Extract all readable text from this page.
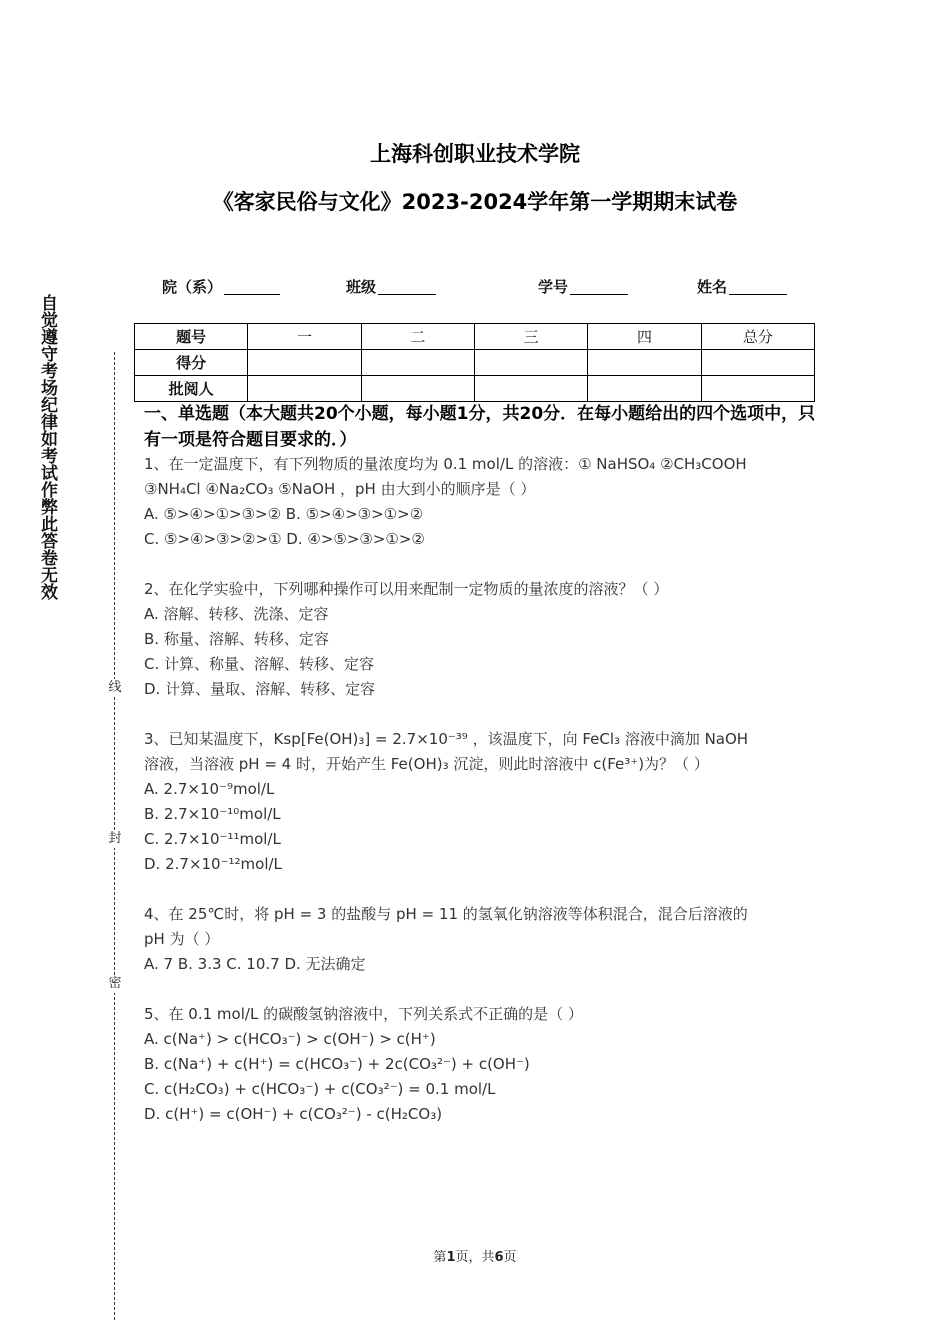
上海科创职业技术学院
《客家民俗与文化》2023-2024学年第一学期期末试卷
院（系）	班级	学号	姓名
题号	一	二	三	四	总分
得分					
批阅人					
一、单选题（本大题共20个小题，每小题1分，共20分．在每小题给出的四个选项中，只有一项是符合题目要求的．）

1、在一定温度下，有下列物质的量浓度均为 0.1 mol/L 的溶液：① NaHSO₄ ②CH₃COOH

③NH₄Cl ④Na₂CO₃ ⑤NaOH ，pH 由大到小的顺序是（ ）

A. ⑤>④>①>③>② B. ⑤>④>③>①>②

C. ⑤>④>③>②>① D. ④>⑤>③>①>②

2、在化学实验中，下列哪种操作可以用来配制一定物质的量浓度的溶液？（ ）

A. 溶解、转移、洗涤、定容

B. 称量、溶解、转移、定容

C. 计算、称量、溶解、转移、定容

D. 计算、量取、溶解、转移、定容

3、已知某温度下，Ksp[Fe(OH)₃] = 2.7×10⁻³⁹ ，该温度下，向 FeCl₃ 溶液中滴加 NaOH

溶液，当溶液 pH = 4 时，开始产生 Fe(OH)₃ 沉淀，则此时溶液中 c(Fe³⁺)为？（ ）

A. 2.7×10⁻⁹mol/L

B. 2.7×10⁻¹⁰mol/L

C. 2.7×10⁻¹¹mol/L

D. 2.7×10⁻¹²mol/L

4、在 25℃时，将 pH = 3 的盐酸与 pH = 11 的氢氧化钠溶液等体积混合，混合后溶液的

pH 为（ ）

A. 7 B. 3.3 C. 10.7 D. 无法确定

5、在 0.1 mol/L 的碳酸氢钠溶液中，下列关系式不正确的是（ ）

A. c(Na⁺) > c(HCO₃⁻) > c(OH⁻) > c(H⁺)

B. c(Na⁺) + c(H⁺) = c(HCO₃⁻) + 2c(CO₃²⁻) + c(OH⁻)

C. c(H₂CO₃) + c(HCO₃⁻) + c(CO₃²⁻) = 0.1 mol/L

D. c(H⁺) = c(OH⁻) + c(CO₃²⁻) - c(H₂CO₃)

自觉遵守考场纪律如考试作弊此答卷无效
线
封
密
第1页，共6页
